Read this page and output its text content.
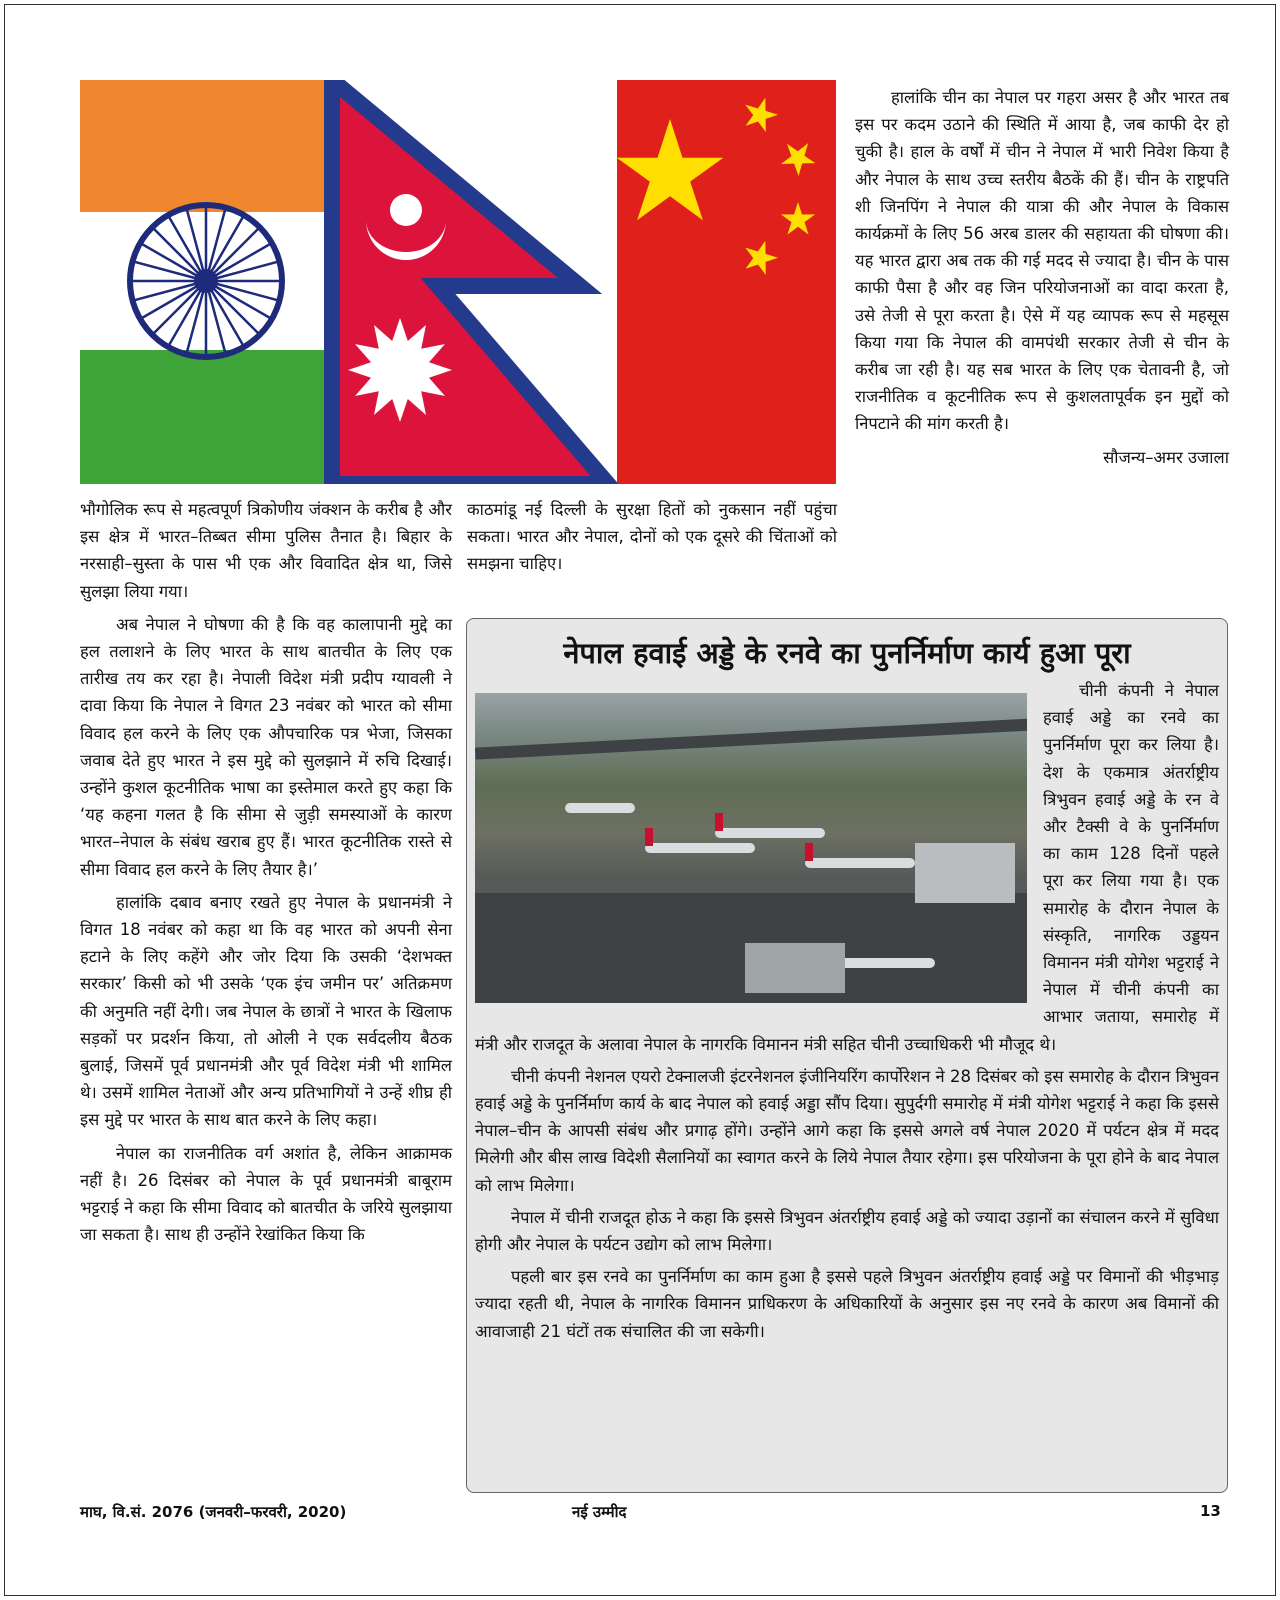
हालांकि चीन का नेपाल पर गहरा असर है और भारत तब इस पर कदम उठाने की स्थिति में आया है, जब काफी देर हो चुकी है। हाल के वर्षों में चीन ने नेपाल में भारी निवेश किया है और नेपाल के साथ उच्च स्तरीय बैठकें की हैं। चीन के राष्ट्रपति शी जिनपिंग ने नेपाल की यात्रा की और नेपाल के विकास कार्यक्रमों के लिए 56 अरब डालर की सहायता की घोषणा की। यह भारत द्वारा अब तक की गई मदद से ज्यादा है। चीन के पास काफी पैसा है और वह जिन परियोजनाओं का वादा करता है, उसे तेजी से पूरा करता है। ऐसे में यह व्यापक रूप से महसूस किया गया कि नेपाल की वामपंथी सरकार तेजी से चीन के करीब जा रही है। यह सब भारत के लिए एक चेतावनी है, जो राजनीतिक व कूटनीतिक रूप से कुशलतापूर्वक इन मुद्दों को निपटाने की मांग करती है।

सौजन्य–अमर उजाला

भौगोलिक रूप से महत्वपूर्ण त्रिकोणीय जंक्शन के करीब है और इस क्षेत्र में भारत–तिब्बत सीमा पुलिस तैनात है। बिहार के नरसाही–सुस्ता के पास भी एक और विवादित क्षेत्र था, जिसे सुलझा लिया गया।

अब नेपाल ने घोषणा की है कि वह कालापानी मुद्दे का हल तलाशने के लिए भारत के साथ बातचीत के लिए एक तारीख तय कर रहा है। नेपाली विदेश मंत्री प्रदीप ग्यावली ने दावा किया कि नेपाल ने विगत 23 नवंबर को भारत को सीमा विवाद हल करने के लिए एक औपचारिक पत्र भेजा, जिसका जवाब देते हुए भारत ने इस मुद्दे को सुलझाने में रुचि दिखाई। उन्होंने कुशल कूटनीतिक भाषा का इस्तेमाल करते हुए कहा कि ‘यह कहना गलत है कि सीमा से जुड़ी समस्याओं के कारण भारत–नेपाल के संबंध खराब हुए हैं। भारत कूटनीतिक रास्ते से सीमा विवाद हल करने के लिए तैयार है।’

हालांकि दबाव बनाए रखते हुए नेपाल के प्रधानमंत्री ने विगत 18 नवंबर को कहा था कि वह भारत को अपनी सेना हटाने के लिए कहेंगे और जोर दिया कि उसकी ‘देशभक्त सरकार’ किसी को भी उसके ‘एक इंच जमीन पर’ अतिक्रमण की अनुमति नहीं देगी। जब नेपाल के छात्रों ने भारत के खिलाफ सड़कों पर प्रदर्शन किया, तो ओली ने एक सर्वदलीय बैठक बुलाई, जिसमें पूर्व प्रधानमंत्री और पूर्व विदेश मंत्री भी शामिल थे। उसमें शामिल नेताओं और अन्य प्रतिभागियों ने उन्हें शीघ्र ही इस मुद्दे पर भारत के साथ बात करने के लिए कहा।

नेपाल का राजनीतिक वर्ग अशांत है, लेकिन आक्रामक नहीं है। 26 दिसंबर को नेपाल के पूर्व प्रधानमंत्री बाबूराम भट्टराई ने कहा कि सीमा विवाद को बातचीत के जरिये सुलझाया जा सकता है। साथ ही उन्होंने रेखांकित किया कि

काठमांडू नई दिल्ली के सुरक्षा हितों को नुकसान नहीं पहुंचा सकता। भारत और नेपाल, दोनों को एक दूसरे की चिंताओं को समझना चाहिए।

नेपाल हवाई अड्डे के रनवे का पुनर्निर्माण कार्य हुआ पूरा

चीनी कंपनी ने नेपाल हवाई अड्डे का रनवे का पुनर्निर्माण पूरा कर लिया है। देश के एकमात्र अंतर्राष्ट्रीय त्रिभुवन हवाई अड्डे के रन वे और टैक्सी वे के पुनर्निर्माण का काम 128 दिनों पहले पूरा कर लिया गया है। एक समारोह के दौरान नेपाल के संस्कृति, नागरिक उड्डयन विमानन मंत्री योगेश भट्टराई ने नेपाल में चीनी कंपनी का आभार जताया, समारोह में मंत्री और राजदूत के अलावा नेपाल के नागरकि विमानन मंत्री सहित चीनी उच्चाधिकरी भी मौजूद थे।

चीनी कंपनी नेशनल एयरो टेक्नालजी इंटरनेशनल इंजीनियरिंग कार्पोरेशन ने 28 दिसंबर को इस समारोह के दौरान त्रिभुवन हवाई अड्डे के पुनर्निर्माण कार्य के बाद नेपाल को हवाई अड्डा सौंप दिया। सुपुर्दगी समारोह में मंत्री योगेश भट्टराई ने कहा कि इससे नेपाल–चीन के आपसी संबंध और प्रगाढ़ होंगे। उन्होंने आगे कहा कि इससे अगले वर्ष नेपाल 2020 में पर्यटन क्षेत्र में मदद मिलेगी और बीस लाख विदेशी सैलानियों का स्वागत करने के लिये नेपाल तैयार रहेगा। इस परियोजना के पूरा होने के बाद नेपाल को लाभ मिलेगा।

नेपाल में चीनी राजदूत होऊ ने कहा कि इससे त्रिभुवन अंतर्राष्ट्रीय हवाई अड्डे को ज्यादा उड़ानों का संचालन करने में सुविधा होगी और नेपाल के पर्यटन उद्योग को लाभ मिलेगा।

पहली बार इस रनवे का पुनर्निर्माण का काम हुआ है इससे पहले त्रिभुवन अंतर्राष्ट्रीय हवाई अड्डे पर विमानों की भीड़भाड़ ज्यादा रहती थी, नेपाल के नागरिक विमानन प्राधिकरण के अधिकारियों के अनुसार इस नए रनवे के कारण अब विमानों की आवाजाही 21 घंटों तक संचालित की जा सकेगी।

माघ, वि.सं. 2076 (जनवरी–फरवरी, 2020)	नई उम्मीद	13
